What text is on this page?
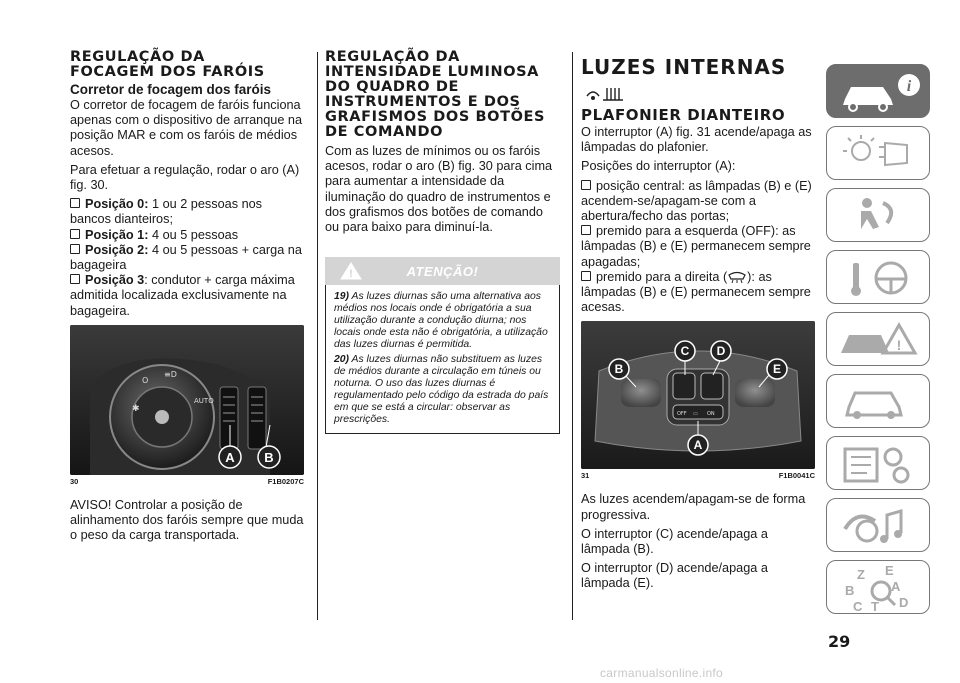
REGULAÇÃO DA FOCAGEM DOS FARÓIS
Corretor de focagem dos faróis

O corretor de focagem de faróis funciona apenas com o dispositivo de arranque na posição MAR e com os faróis de médios acesos.

Para efetuar a regulação, rodar o aro (A) fig. 30.

Posição 0: 1 ou 2 pessoas nos bancos dianteiros;

Posição 1: 4 ou 5 pessoas

Posição 2: 4 ou 5 pessoas + carga na bagageira

Posição 3: condutor + carga máxima admitida localizada exclusivamente na bagageira.

✱
O
≡D
AUTO
A B
30	F1B0207C

AVISO! Controlar a posição de alinhamento dos faróis sempre que muda o peso da carga transportada.

REGULAÇÃO DA INTENSIDADE LUMINOSA DO QUADRO DE INSTRUMENTOS E DOS GRAFISMOS DOS BOTÕES DE COMANDO

Com as luzes de mínimos ou os faróis acesos, rodar o aro (B) fig. 30 para cima para aumentar a intensidade da iluminação do quadro de instrumentos e dos grafismos dos botões de comando ou para baixo para diminuí-la.

!	ATENÇÃO!

19) As luzes diurnas são uma alternativa aos médios nos locais onde é obrigatória a sua utilização durante a condução diurna; nos locais onde esta não é obrigatória, a utilização das luzes diurnas é permitida.

20) As luzes diurnas não substituem as luzes de médios durante a circulação em túneis ou noturna. O uso das luzes diurnas é regulamentado pelo código da estrada do país em que se está a circular: observar as prescrições.

LUZES INTERNAS
PLAFONIER DIANTEIRO

O interruptor (A) fig. 31 acende/apaga as lâmpadas do plafonier.

Posições do interruptor (A):

posição central: as lâmpadas (B) e (E) acendem-se/apagam-se com a abertura/fecho das portas;

premido para a esquerda (OFF): as lâmpadas (B) e (E) permanecem sempre apagadas;

premido para a direita ( ): as lâmpadas (B) e (E) permanecem sempre acesas.

OFF ▭ ON
B
C D
E
A
31	F1B0041C

As luzes acendem/apagam-se de forma progressiva.

O interruptor (C) acende/apaga a lâmpada (B).

O interruptor (D) acende/apaga a lâmpada (E).

i
!
Z E
B	A
C T D
29
carmanualsonline.info
